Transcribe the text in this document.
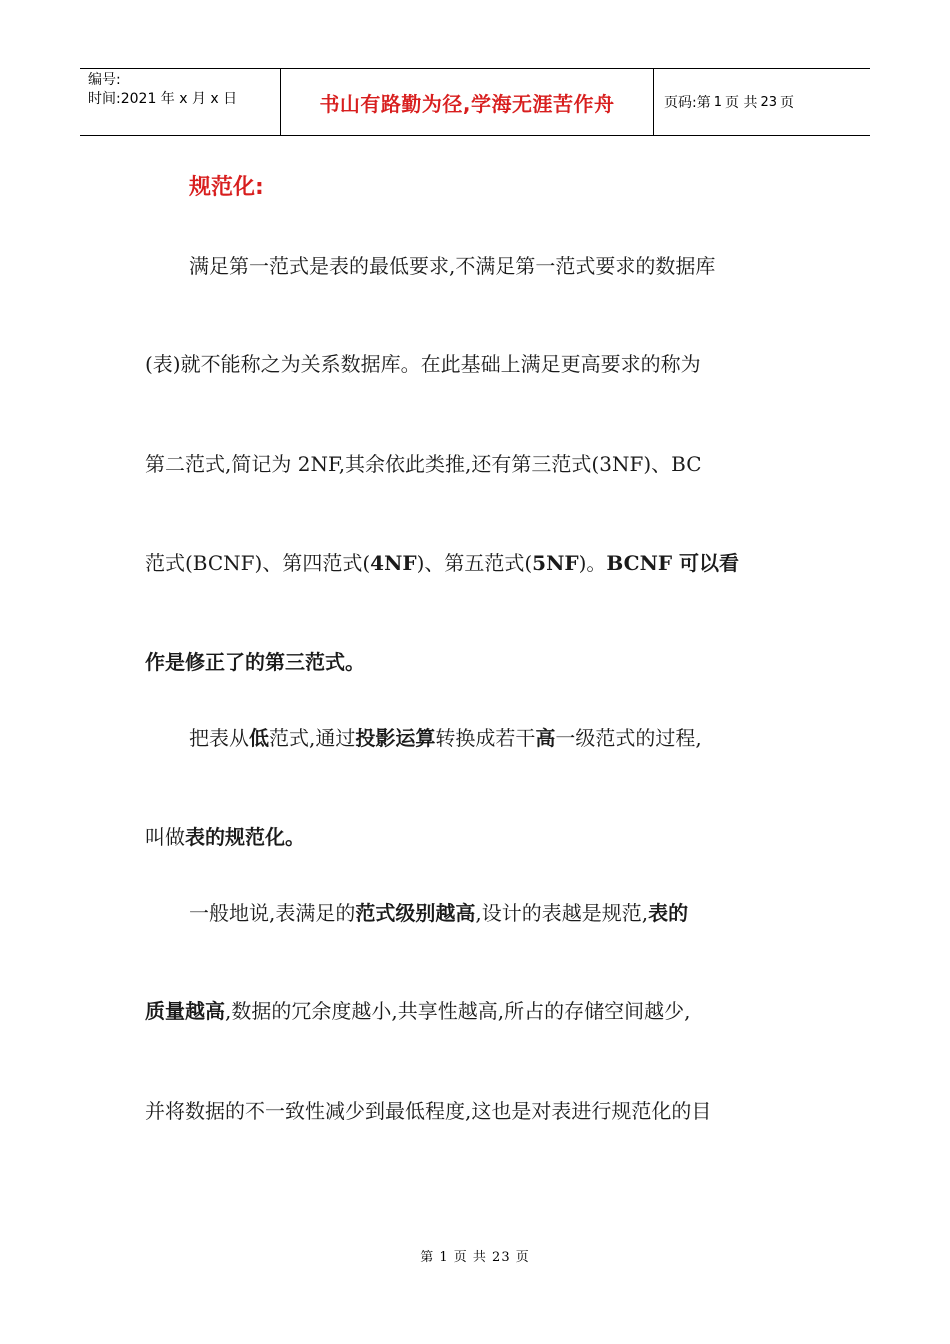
编号:
时间:2021 年 x 月 x 日	书山有路勤为径,学海无涯苦作舟	页码:第 1 页 共 23 页
规范化:

满足第一范式是表的最低要求,不满足第一范式要求的数据库

(表)就不能称之为关系数据库。在此基础上满足更高要求的称为

第二范式,简记为 2NF,其余依此类推,还有第三范式(3NF)、BC

范式(BCNF)、第四范式(4NF)、第五范式(5NF)。BCNF 可以看

作是修正了的第三范式。

把表从低范式,通过投影运算转换成若干高一级范式的过程,

叫做表的规范化。

一般地说,表满足的范式级别越高,设计的表越是规范,表的

质量越高,数据的冗余度越小,共享性越高,所占的存储空间越少,

并将数据的不一致性减少到最低程度,这也是对表进行规范化的目

第 1 页 共 23 页
